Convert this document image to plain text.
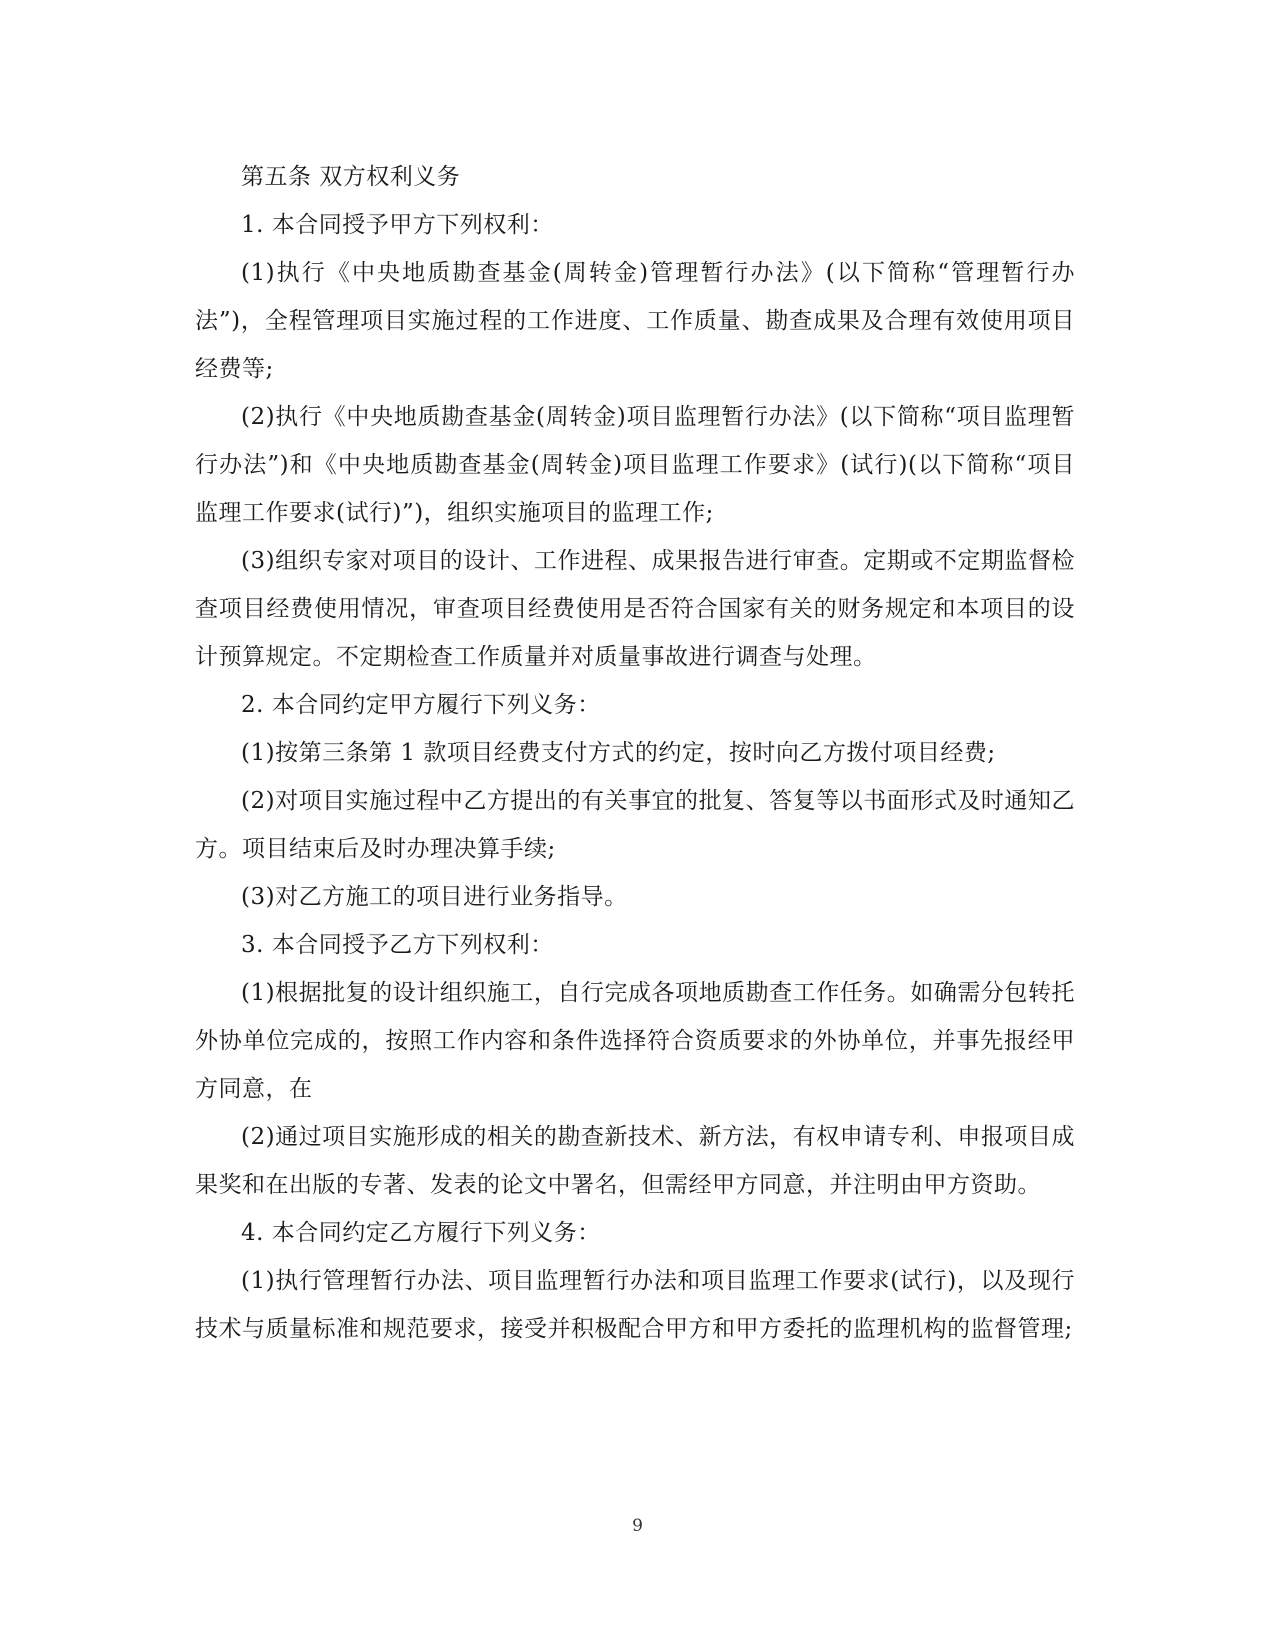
第五条 双方权利义务

1. 本合同授予甲方下列权利：

(1)执行《中央地质勘查基金(周转金)管理暂行办法》(以下简称“管理暂行办法”)，全程管理项目实施过程的工作进度、工作质量、勘查成果及合理有效使用项目经费等;

(2)执行《中央地质勘查基金(周转金)项目监理暂行办法》(以下简称“项目监理暂行办法”)和《中央地质勘查基金(周转金)项目监理工作要求》(试行)(以下简称“项目监理工作要求(试行)”)，组织实施项目的监理工作;

(3)组织专家对项目的设计、工作进程、成果报告进行审查。定期或不定期监督检查项目经费使用情况，审查项目经费使用是否符合国家有关的财务规定和本项目的设计预算规定。不定期检查工作质量并对质量事故进行调查与处理。

2. 本合同约定甲方履行下列义务：

(1)按第三条第 1 款项目经费支付方式的约定，按时向乙方拨付项目经费;

(2)对项目实施过程中乙方提出的有关事宜的批复、答复等以书面形式及时通知乙方。项目结束后及时办理决算手续;

(3)对乙方施工的项目进行业务指导。

3. 本合同授予乙方下列权利：

(1)根据批复的设计组织施工，自行完成各项地质勘查工作任务。如确需分包转托外协单位完成的，按照工作内容和条件选择符合资质要求的外协单位，并事先报经甲方同意，在

(2)通过项目实施形成的相关的勘查新技术、新方法，有权申请专利、申报项目成果奖和在出版的专著、发表的论文中署名，但需经甲方同意，并注明由甲方资助。

4. 本合同约定乙方履行下列义务：

(1)执行管理暂行办法、项目监理暂行办法和项目监理工作要求(试行)，以及现行技术与质量标准和规范要求，接受并积极配合甲方和甲方委托的监理机构的监督管理;

9
